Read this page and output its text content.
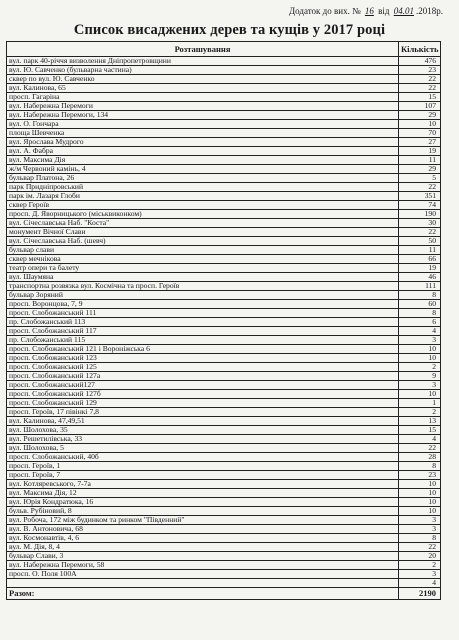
Додаток до вих. № 16 від 04.01 .2018р.
Список висаджених дерев та кущів у 2017 році
Розташування	Кількість
вул. парк 40-річчя визволення Дніпропетровщини	476
вул. Ю. Савченко (бульварна частина)	23
сквер по вул. Ю. Савченко	22
вул. Калинова, 65	22
просп. Гагаріна	15
вул. Набережна Перемоги	107
вул. Набережна Перемоги, 134	29
вул. О. Гончара	10
площа Шевченка	70
вул. Ярослава Мудрого	27
вул. А. Фабра	19
вул. Максима Дія	11
ж/м Червоний камінь, 4	29
бульвар Платона, 26	5
парк Придніпровський	22
парк ім. Лазаря Глоби	351
сквер Героїв	74
просп. Д. Яворницького (міськвиконком)	190
вул. Січеславська Наб. "Коста"	30
монумент Вічної Слави	22
вул. Січеславська Наб. (шевч)	50
бульвар слави	11
сквер мечнікова	66
театр опери та балету	19
вул. Шаумяна	46
транспортна розвязка вул. Космічна та просп. Героїв	111
бульвар Зоряний	8
просп. Воронцова, 7, 9	60
просп. Слобожанський 111	8
пр. Слобожанський 113	6
просп. Слобожанський 117	4
пр. Слобожанський 115	3
просп. Слобожанський 121 і Вороніжська 6	10
просп. Слобожанський 123	10
просп. Слобожанський 125	2
просп. Слобожанський 127а	9
просп. Слобожанський127	3
просп. Слобожанський 127б	10
просп. Слобожанський 129	1
просп. Героїв, 17 півінкі 7,8	2
вул. Калинова, 47,49,51	13
вул. Шолохова, 35	15
вул. Решетилівська, 33	4
вул. Шолохова, 5	22
просп. Слобожанський, 40б	28
просп. Героїв, 1	8
просп. Героїв, 7	23
вул. Котляревського, 7-7а	10
вул. Максима Дія, 12	10
вул. Юрія Кондратюка, 16	10
бульв. Рубіновий, 8	10
вул. Робоча, 172 між будинком та ринком "Південний"	3
вул. В. Антоновича, 68	3
вул. Космонавтів, 4, 6	8
вул. М. Дія, 8, 4	22
бульвар Слави, 3	20
вул. Набережна Перемоги, 58	2
просп. О. Поля 100А	3
	4
Разом:	2190
